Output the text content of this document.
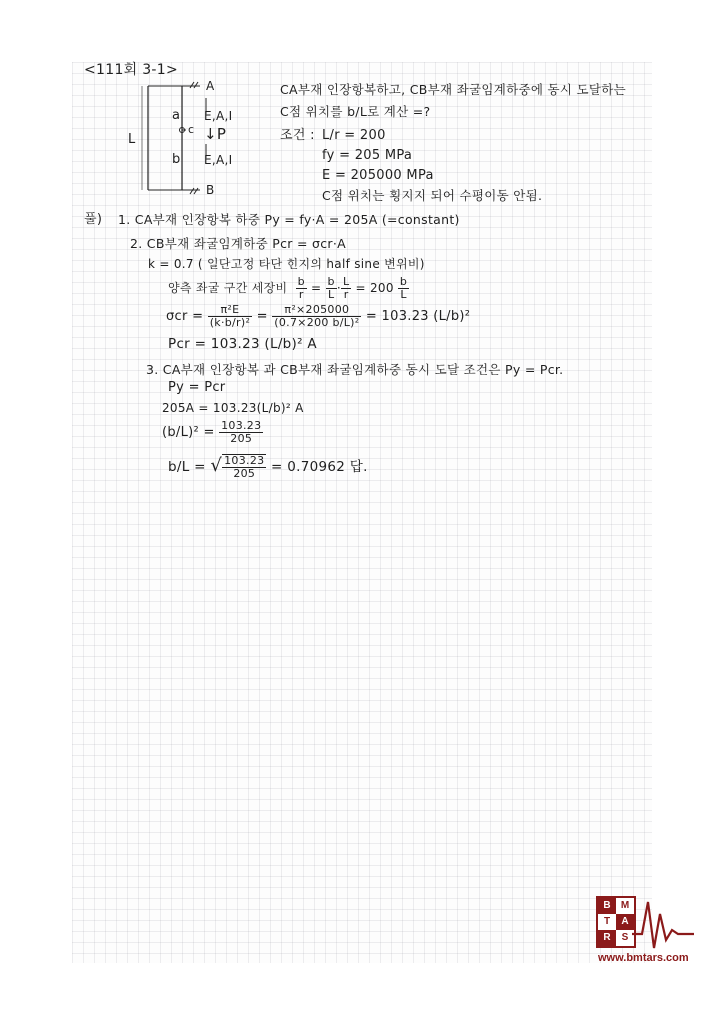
<111회 3-1>
A
B
L
a
b
c ↓P
E,A,I
E,A,I
CA부재 인장항복하고, CB부재 좌굴임계하중에 동시 도달하는
C점 위치를 b/L로 계산 =?
조건 : L/r = 200
fy = 205 MPa
E = 205000 MPa
C점 위치는 횡지지 되어 수평이동 안됨.
풀) 1. CA부재 인장항복 하중 Py = fy·A = 205A (=constant)
2. CB부재 좌굴임계하중 Pcr = σcr·A
k = 0.7 ( 일단고정 타단 힌지의 half sine 변위비)
양측 좌굴 구간 세장비 $\frac{b}{r} = \frac{b}{L} \cdot \frac{L}{r} = 200 \frac{b}{L}$
$\sigma cr = \frac{\text{π²E}}{\text{(k·b/r)²}} = \frac{\text{π²×205000}}{\text{(0.7×200 b/L)²}} = 103.23$ (L/b)²
Pcr = 103.23 (L/b)² A
3. CA부재 인장항복 과 CB부재 좌굴임계하중 동시 도달 조건은 Py = Pcr.
Py = Pcr
205A = 103.23(L/b)² A
$(b/L)^2 = \frac{103.23}{205}$
b/L = √ $\frac{103.23}{205} = 0.70962$ 답.
B	M
T	A
R	S
www.bmtars.com
